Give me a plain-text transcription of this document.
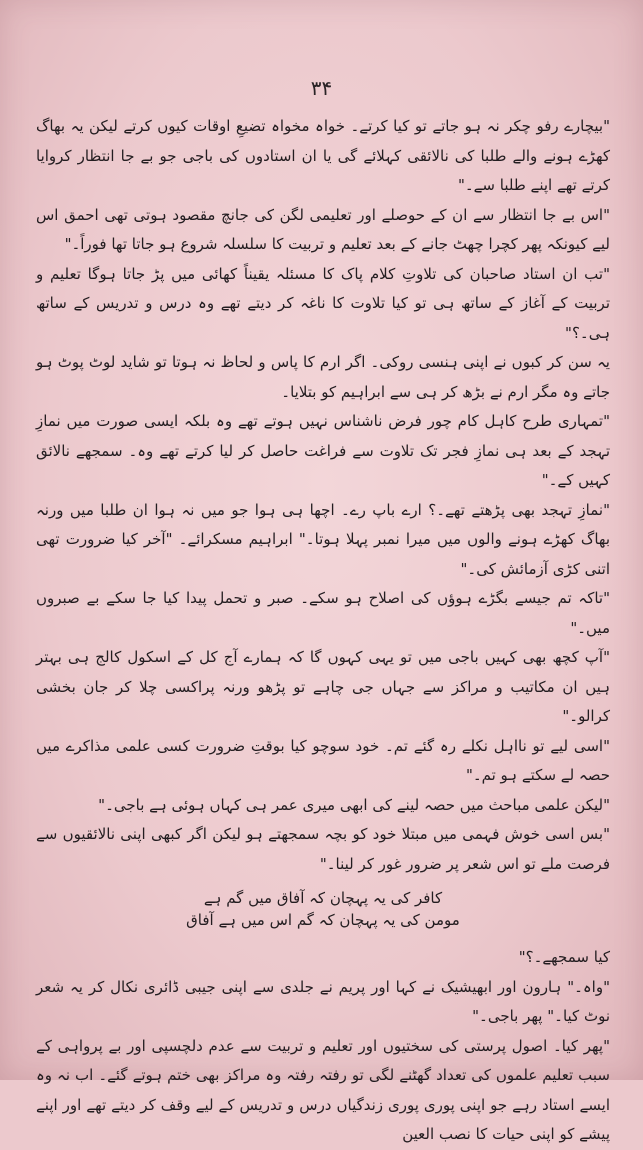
۳۴

"بیچارے رفو چکر نہ ہو جاتے تو کیا کرتے۔ خواہ مخواہ تضیعِ اوقات کیوں کرتے لیکن یہ بھاگ کھڑے ہونے والے طلبا کی نالائقی کہلائے گی یا ان استادوں کی باجی جو بے جا انتظار کروایا کرتے تھے اپنے طلبا سے۔"

"اس بے جا انتظار سے ان کے حوصلے اور تعلیمی لگن کی جانچ مقصود ہوتی تھی احمق اس لیے کیونکہ پھر کچرا چھٹ جانے کے بعد تعلیم و تربیت کا سلسلہ شروع ہو جاتا تھا فوراً۔"

"تب ان استاد صاحبان کی تلاوتِ کلام پاک کا مسئلہ یقیناً کھائی میں پڑ جاتا ہوگا تعلیم و تربیت کے آغاز کے ساتھ ہی تو کیا تلاوت کا ناغہ کر دیتے تھے وہ درس و تدریس کے ساتھ ہی۔؟"

یہ سن کر کبوں نے اپنی ہنسی روکی۔ اگر ارم کا پاس و لحاظ نہ ہوتا تو شاید لوٹ پوٹ ہو جاتے وہ مگر ارم نے بڑھ کر ہی سے ابراہیم کو بتلایا۔

"تمہاری طرح کاہل کام چور فرض ناشناس نہیں ہوتے تھے وہ بلکہ ایسی صورت میں نمازِ تہجد کے بعد ہی نمازِ فجر تک تلاوت سے فراغت حاصل کر لیا کرتے تھے وہ۔ سمجھے نالائق کہیں کے۔"

"نمازِ تہجد بھی پڑھتے تھے۔؟ ارے باپ رے۔ اچھا ہی ہوا جو میں نہ ہوا ان طلبا میں ورنہ بھاگ کھڑے ہونے والوں میں میرا نمبر پہلا ہوتا۔" ابراہیم مسکرائے۔ "آخر کیا ضرورت تھی اتنی کڑی آزمائش کی۔"

"تاکہ تم جیسے بگڑے ہوؤں کی اصلاح ہو سکے۔ صبر و تحمل پیدا کیا جا سکے بے صبروں میں۔"

"آپ کچھ بھی کہیں باجی میں تو یہی کہوں گا کہ ہمارے آج کل کے اسکول کالج ہی بہتر ہیں ان مکاتیب و مراکز سے جہاں جی چاہے تو پڑھو ورنہ پراکسی چلا کر جان بخشی کرالو۔"

"اسی لیے تو نااہل نکلے رہ گئے تم۔ خود سوچو کیا بوقتِ ضرورت کسی علمی مذاکرے میں حصہ لے سکتے ہو تم۔"

"لیکن علمی مباحث میں حصہ لینے کی ابھی میری عمر ہی کہاں ہوئی ہے باجی۔"

"بس اسی خوش فہمی میں مبتلا خود کو بچہ سمجھتے ہو لیکن اگر کبھی اپنی نالائقیوں سے فرصت ملے تو اس شعر پر ضرور غور کر لینا۔"

کافر کی یہ پہچان کہ آفاق میں گم ہے
مومن کی یہ پہچان کہ گم اس میں ہے آفاق

کیا سمجھے۔؟"

"واہ۔" ہارون اور ابھیشیک نے کہا اور پریم نے جلدی سے اپنی جیبی ڈائری نکال کر یہ شعر نوٹ کیا۔" پھر باجی۔"

"پھر کیا۔ اصول پرستی کی سختیوں اور تعلیم و تربیت سے عدم دلچسپی اور بے پرواہی کے سبب تعلیم علموں کی تعداد گھٹنے لگی تو رفتہ رفتہ وہ مراکز بھی ختم ہوتے گئے۔ اب نہ وہ ایسے استاد رہے جو اپنی پوری پوری زندگیاں درس و تدریس کے لیے وقف کر دیتے تھے اور اپنے پیشے کو اپنی حیات کا نصب العین
